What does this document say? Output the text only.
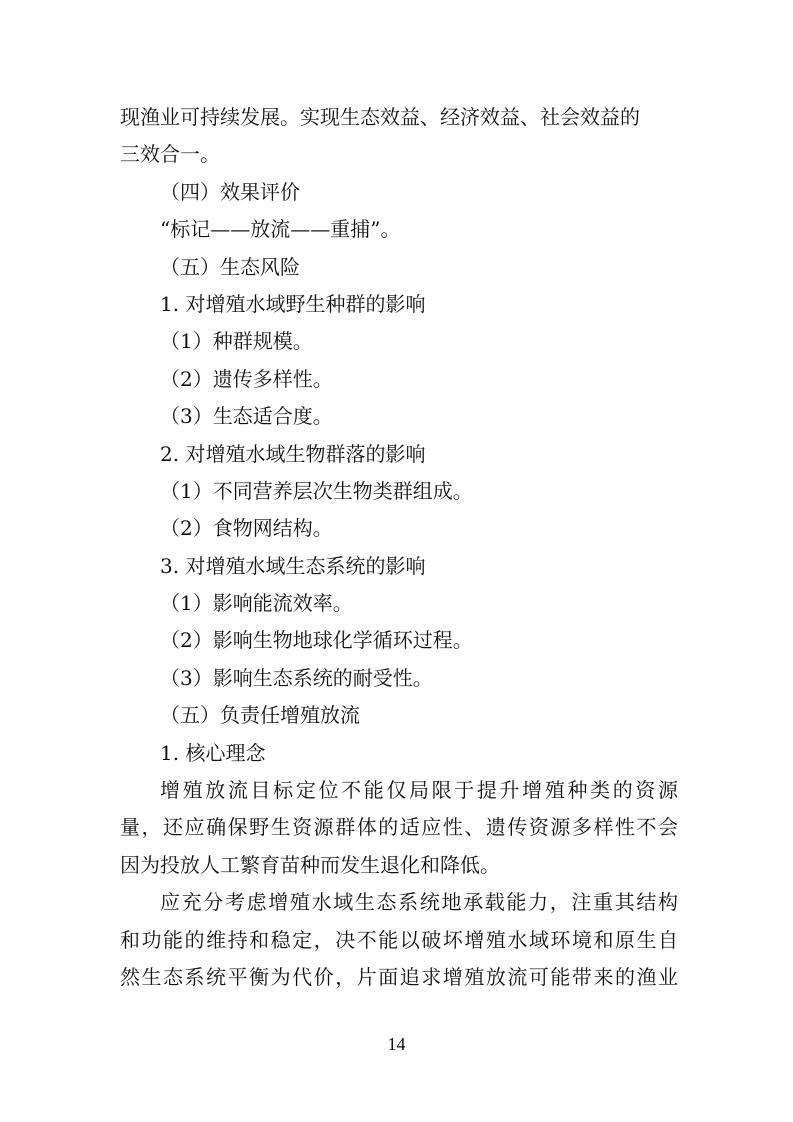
现渔业可持续发展。实现生态效益、经济效益、社会效益的
三效合一。
（四）效果评价
“标记——放流——重捕”。
（五）生态风险
1. 对增殖水域野生种群的影响
（1）种群规模。
（2）遗传多样性。
（3）生态适合度。
2. 对增殖水域生物群落的影响
（1）不同营养层次生物类群组成。
（2）食物网结构。
3. 对增殖水域生态系统的影响
（1）影响能流效率。
（2）影响生物地球化学循环过程。
（3）影响生态系统的耐受性。
（五）负责任增殖放流
1. 核心理念
增殖放流目标定位不能仅局限于提升增殖种类的资源
量，还应确保野生资源群体的适应性、遗传资源多样性不会
因为投放人工繁育苗种而发生退化和降低。
应充分考虑增殖水域生态系统地承载能力，注重其结构
和功能的维持和稳定，决不能以破坏增殖水域环境和原生自
然生态系统平衡为代价，片面追求增殖放流可能带来的渔业
14
